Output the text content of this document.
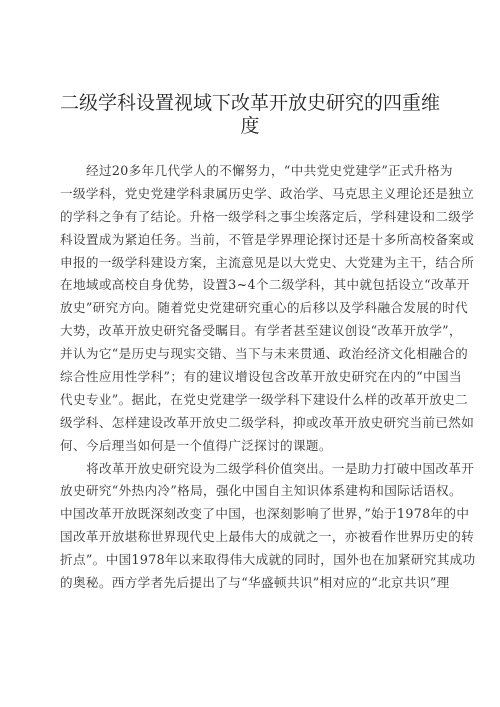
二级学科设置视域下改革开放史研究的四重维
度
经过20多年几代学人的不懈努力，“中共党史党建学”正式升格为
一级学科，党史党建学科隶属历史学、政治学、马克思主义理论还是独立
的学科之争有了结论。升格一级学科之事尘埃落定后，学科建设和二级学
科设置成为紧迫任务。当前，不管是学界理论探讨还是十多所高校备案或
申报的一级学科建设方案，主流意见是以大党史、大党建为主干，结合所
在地域或高校自身优势，设置3~4个二级学科，其中就包括设立“改革开
放史”研究方向。随着党史党建研究重心的后移以及学科融合发展的时代
大势，改革开放史研究备受瞩目。有学者甚至建议创设“改革开放学”，
并认为它“是历史与现实交错、当下与未来贯通、政治经济文化相融合的
综合性应用性学科”；有的建议增设包含改革开放史研究在内的“中国当
代史专业”。据此，在党史党建学一级学科下建设什么样的改革开放史二
级学科、怎样建设改革开放史二级学科，抑或改革开放史研究当前已然如
何、今后理当如何是一个值得广泛探讨的课题。
将改革开放史研究设为二级学科价值突出。一是助力打破中国改革开
放史研究“外热内冷”格局，强化中国自主知识体系建构和国际话语权。
中国改革开放既深刻改变了中国，也深刻影响了世界，”始于1978年的中
国改革开放堪称世界现代史上最伟大的成就之一，亦被看作世界历史的转
折点”。中国1978年以来取得伟大成就的同时，国外也在加紧研究其成功
的奥秘。西方学者先后提出了与“华盛顿共识”相对应的“北京共识”理
